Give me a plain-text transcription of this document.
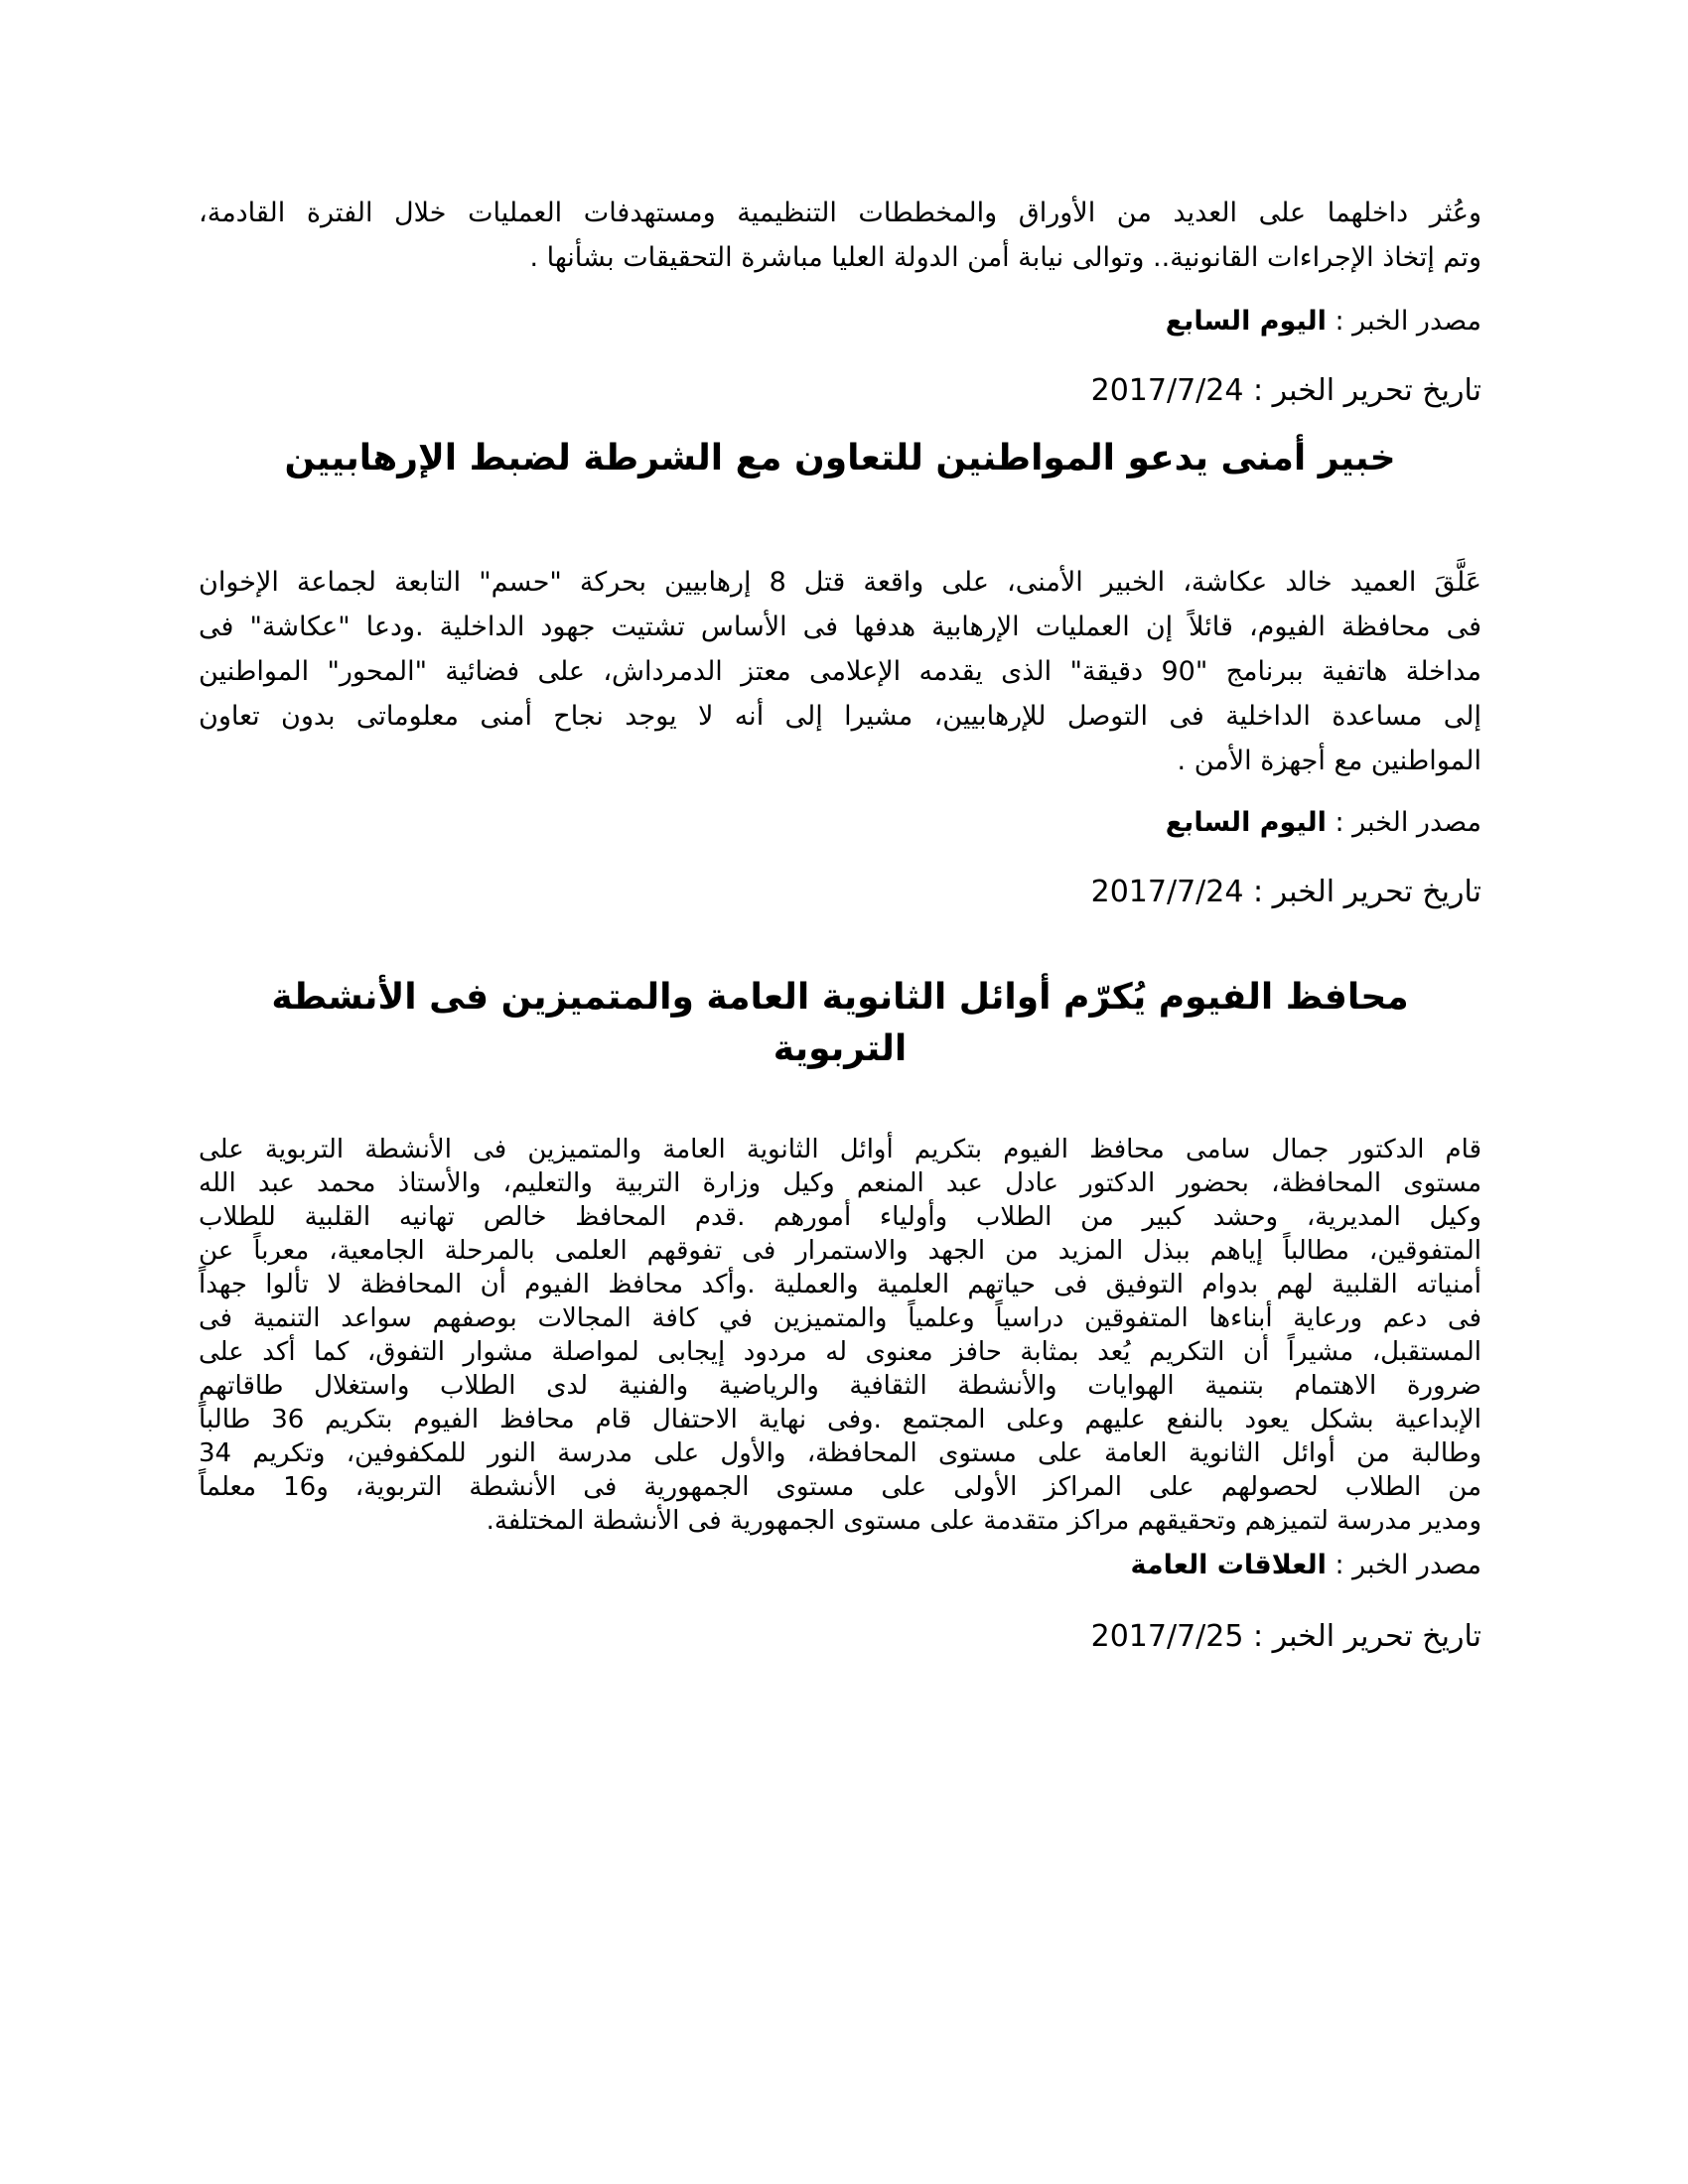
وعُثر داخلهما على العديد من الأوراق والمخططات التنظيمية ومستهدفات العمليات خلال الفترة القادمة،
وتم إتخاذ الإجراءات القانونية.. وتوالى نيابة أمن الدولة العليا مباشرة التحقيقات بشأنها .

مصدر الخبر : اليوم السابع

تاريخ تحرير الخبر : 2017/7/24

خبير أمنى يدعو المواطنين للتعاون مع الشرطة لضبط الإرهابيين

عَلَّقَ العميد خالد عكاشة، الخبير الأمنى، على واقعة قتل 8 إرهابيين بحركة "حسم" التابعة لجماعة الإخوان
فى محافظة الفيوم، قائلاً إن العمليات الإرهابية هدفها فى الأساس تشتيت جهود الداخلية .ودعا "عكاشة" فى
مداخلة هاتفية ببرنامج "90 دقيقة" الذى يقدمه الإعلامى معتز الدمرداش، على فضائية "المحور" المواطنين
إلى مساعدة الداخلية فى التوصل للإرهابيين، مشيرا إلى أنه لا يوجد نجاح أمنى معلوماتى بدون تعاون
المواطنين مع أجهزة الأمن .

مصدر الخبر : اليوم السابع

تاريخ تحرير الخبر : 2017/7/24

محافظ الفيوم يُكرّم أوائل الثانوية العامة والمتميزين فى الأنشطة التربوية

قام الدكتور جمال سامى محافظ الفيوم بتكريم أوائل الثانوية العامة والمتميزين فى الأنشطة التربوية على
مستوى المحافظة، بحضور الدكتور عادل عبد المنعم وكيل وزارة التربية والتعليم، والأستاذ محمد عبد الله
وكيل المديرية، وحشد كبير من الطلاب وأولياء أمورهم .قدم المحافظ خالص تهانيه القلبية للطلاب
المتفوقين، مطالباً إياهم ببذل المزيد من الجهد والاستمرار فى تفوقهم العلمى بالمرحلة الجامعية، معرباً عن
أمنياته القلبية لهم بدوام التوفيق فى حياتهم العلمية والعملية .وأكد محافظ الفيوم أن المحافظة لا تألوا جهداً
فى دعم ورعاية أبناءها المتفوقين دراسياً وعلمياً والمتميزين في كافة المجالات بوصفهم سواعد التنمية فى
المستقبل، مشيراً أن التكريم يُعد بمثابة حافز معنوى له مردود إيجابى لمواصلة مشوار التفوق، كما أكد على
ضرورة الاهتمام بتنمية الهوايات والأنشطة الثقافية والرياضية والفنية لدى الطلاب واستغلال طاقاتهم
الإبداعية بشكل يعود بالنفع عليهم وعلى المجتمع .وفى نهاية الاحتفال قام محافظ الفيوم بتكريم 36 طالباً
وطالبة من أوائل الثانوية العامة على مستوى المحافظة، والأول على مدرسة النور للمكفوفين، وتكريم 34
من الطلاب لحصولهم على المراكز الأولى على مستوى الجمهورية فى الأنشطة التربوية، و16 معلماً
ومدير مدرسة لتميزهم وتحقيقهم مراكز متقدمة على مستوى الجمهورية فى الأنشطة المختلفة.

مصدر الخبر : العلاقات العامة

تاريخ تحرير الخبر : 2017/7/25
